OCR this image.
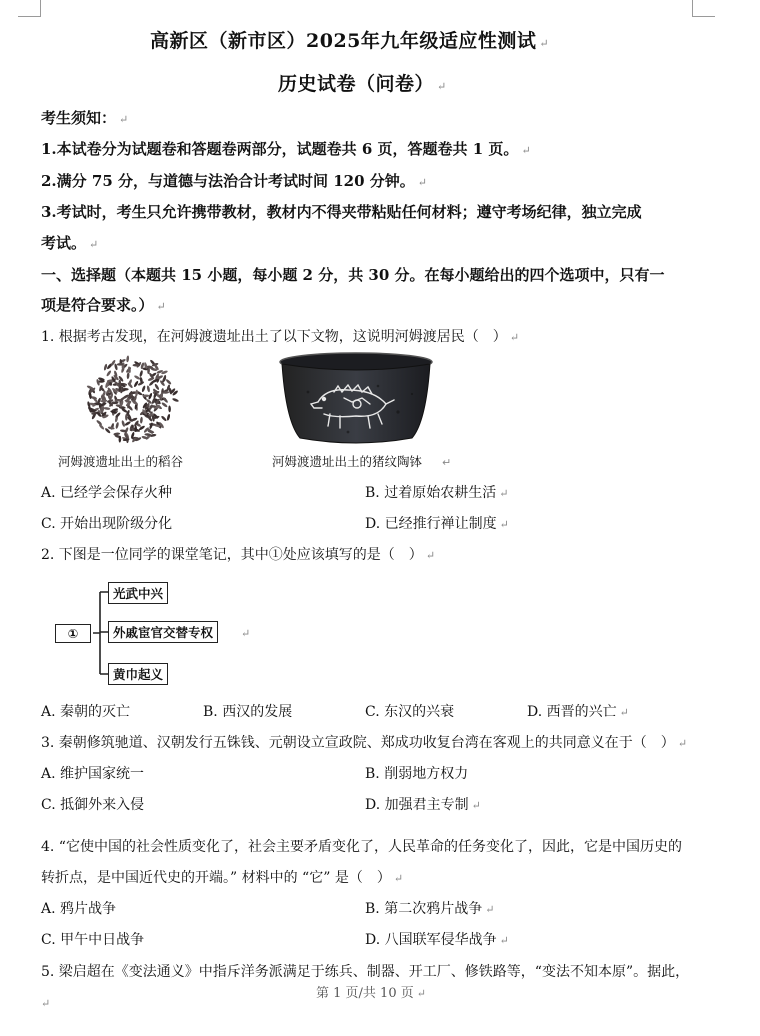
高新区（新市区）2025年九年级适应性测试 ↵
历史试卷（问卷） ↵
考生须知： ↵
1.本试卷分为试题卷和答题卷两部分，试题卷共 6 页，答题卷共 1 页。 ↵
2.满分 75 分，与道德与法治合计考试时间 120 分钟。 ↵
3.考试时，考生只允许携带教材，教材内不得夹带粘贴任何材料；遵守考场纪律，独立完成
考试。 ↵
一、选择题（本题共 15 小题，每小题 2 分，共 30 分。在每小题给出的四个选项中，只有一
项是符合要求。） ↵
1. 根据考古发现，在河姆渡遗址出土了以下文物，这说明河姆渡居民（　） ↵
河姆渡遗址出土的稻谷	河姆渡遗址出土的猪纹陶钵 ↵
A. 已经学会保存火种	B. 过着原始农耕生活 ↵
C. 开始出现阶级分化	D. 已经推行禅让制度 ↵
2. 下图是一位同学的课堂笔记，其中①处应该填写的是（　） ↵
①
光武中兴
外戚宦官交替专权	↵
黄巾起义
A. 秦朝的灭亡	B. 西汉的发展	C. 东汉的兴衰	D. 西晋的兴亡 ↵
3. 秦朝修筑驰道、汉朝发行五铢钱、元朝设立宣政院、郑成功收复台湾在客观上的共同意义在于（　） ↵
A. 维护国家统一	B. 削弱地方权力
C. 抵御外来入侵	D. 加强君主专制 ↵
4. “它使中国的社会性质变化了，社会主要矛盾变化了，人民革命的任务变化了，因此，它是中国历史的
转折点，是中国近代史的开端。” 材料中的 “它” 是（　） ↵
A. 鸦片战争	B. 第二次鸦片战争 ↵
C. 甲午中日战争	D. 八国联军侵华战争 ↵
5. 梁启超在《变法通义》中指斥洋务派满足于练兵、制器、开工厂、修铁路等，“变法不知本原”。据此，
↵
第 1 页/共 10 页 ↵
